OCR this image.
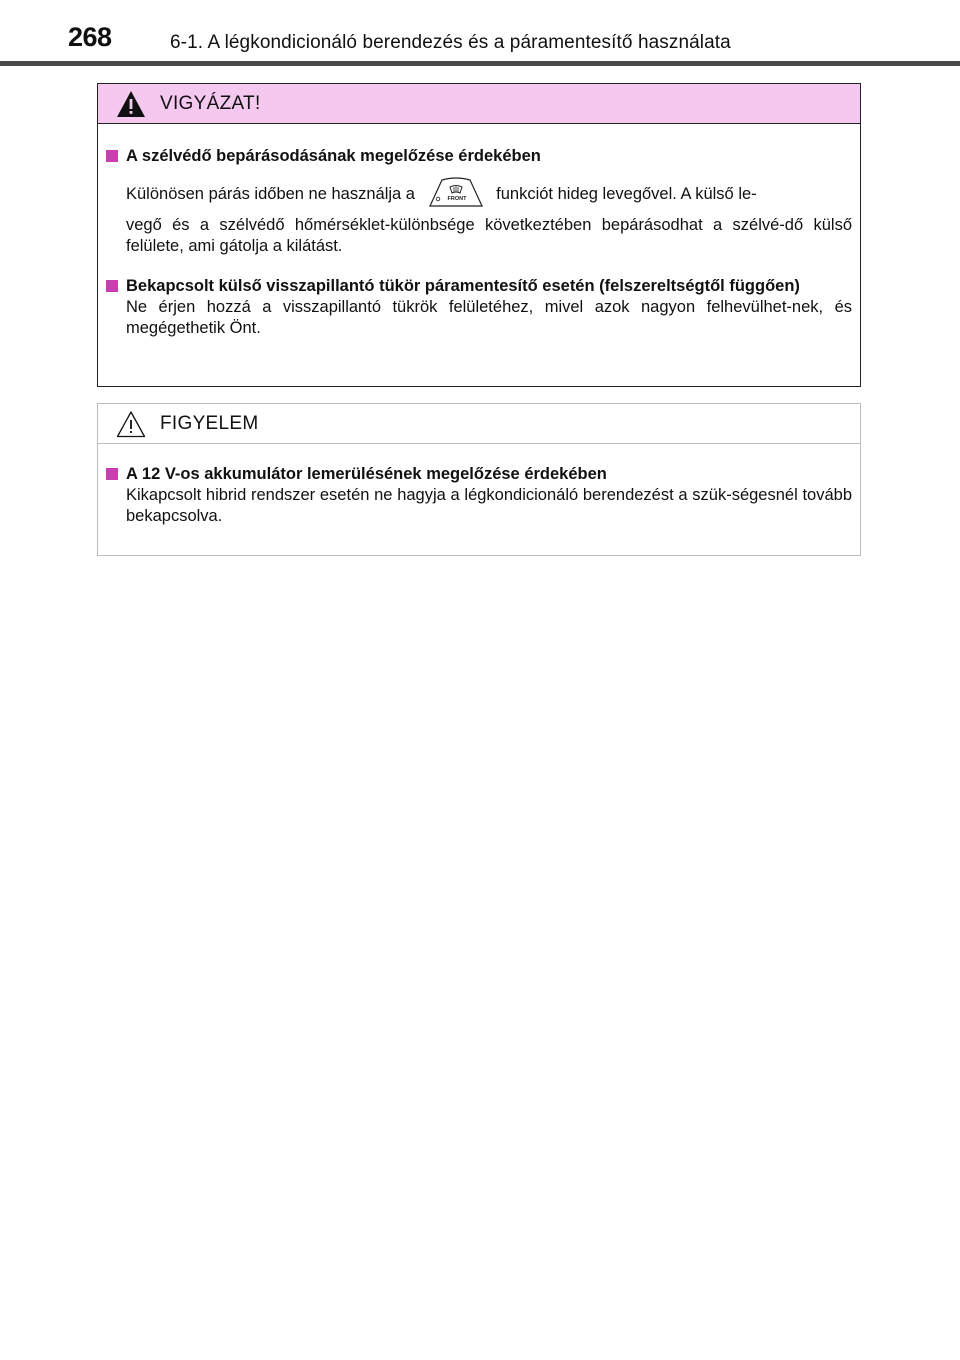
268	6-1. A légkondicionáló berendezés és a páramentesítő használata
VIGYÁZAT!
A szélvédő bepárásodásának megelőzése érdekében
Különösen párás időben ne használja a	FRONT funkciót hideg levegővel. A külső le-
vegő és a szélvédő hőmérséklet-különbsége következtében bepárásodhat a szélvé-dő külső felülete, ami gátolja a kilátást.
Bekapcsolt külső visszapillantó tükör páramentesítő esetén (felszereltségtől függően)
Ne érjen hozzá a visszapillantó tükrök felületéhez, mivel azok nagyon felhevülhet-nek, és megégethetik Önt.
FIGYELEM
A 12 V-os akkumulátor lemerülésének megelőzése érdekében
Kikapcsolt hibrid rendszer esetén ne hagyja a légkondicionáló berendezést a szük-ségesnél tovább bekapcsolva.
